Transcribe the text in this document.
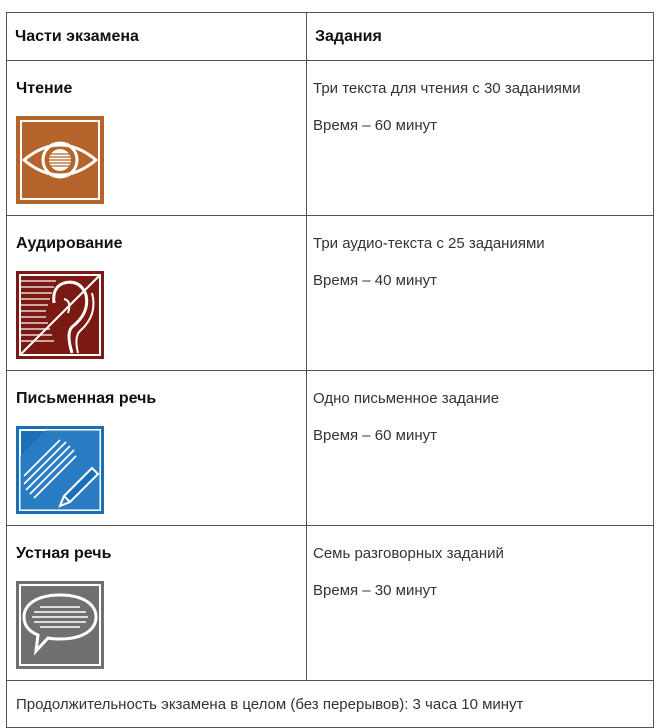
Части экзамена	Задания

Чтение	Три текста для чтения с 30 заданиями
Время – 60 минут

Аудирование	Три аудио-текста с 25 заданиями
Время – 40 минут

Письменная речь	Одно письменное задание
Время – 60 минут

Устная речь	Семь разговорных заданий
Время – 30 минут

Продолжительность экзамена в целом (без перерывов): 3 часа 10 минут	
